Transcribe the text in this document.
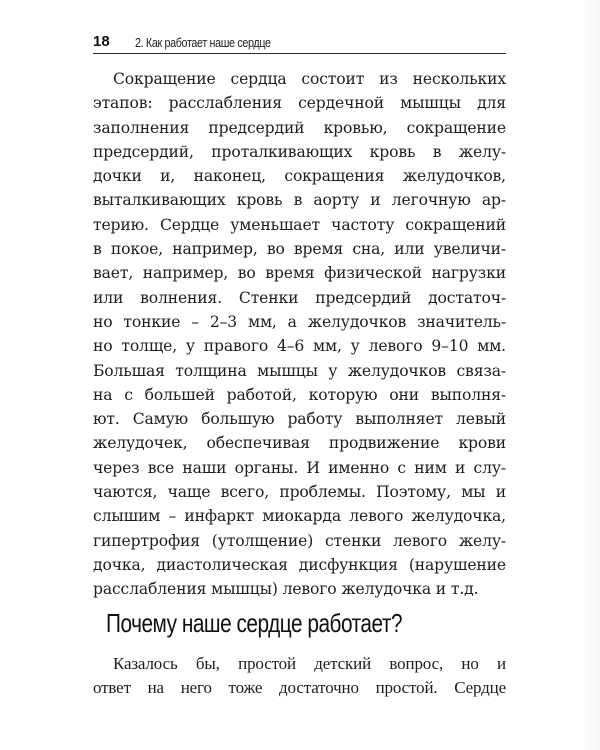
18 2. Как работает наше сердце
Сокращение сердца состоит из нескольких
этапов: расслабления сердечной мышцы для
заполнения предсердий кровью, сокращение
предсердий, проталкивающих кровь в желу-
дочки и, наконец, сокращения желудочков,
выталкивающих кровь в аорту и легочную ар-
терию. Сердце уменьшает частоту сокращений
в покое, например, во время сна, или увеличи-
вает, например, во время физической нагрузки
или волнения. Стенки предсердий достаточ-
но тонкие – 2–3 мм, а желудочков значитель-
но толще, у правого 4–6 мм, у левого 9–10 мм.
Большая толщина мышцы у желудочков связа-
на с большей работой, которую они выполня-
ют. Самую большую работу выполняет левый
желудочек, обеспечивая продвижение крови
через все наши органы. И именно с ним и слу-
чаются, чаще всего, проблемы. Поэтому, мы и
слышим – инфаркт миокарда левого желудочка,
гипертрофия (утолщение) стенки левого желу-
дочка, диастолическая дисфункция (нарушение
расслабления мышцы) левого желудочка и т.д.
Почему наше сердце работает?
Казалось бы, простой детский вопрос, но и
ответ на него тоже достаточно простой. Сердце
